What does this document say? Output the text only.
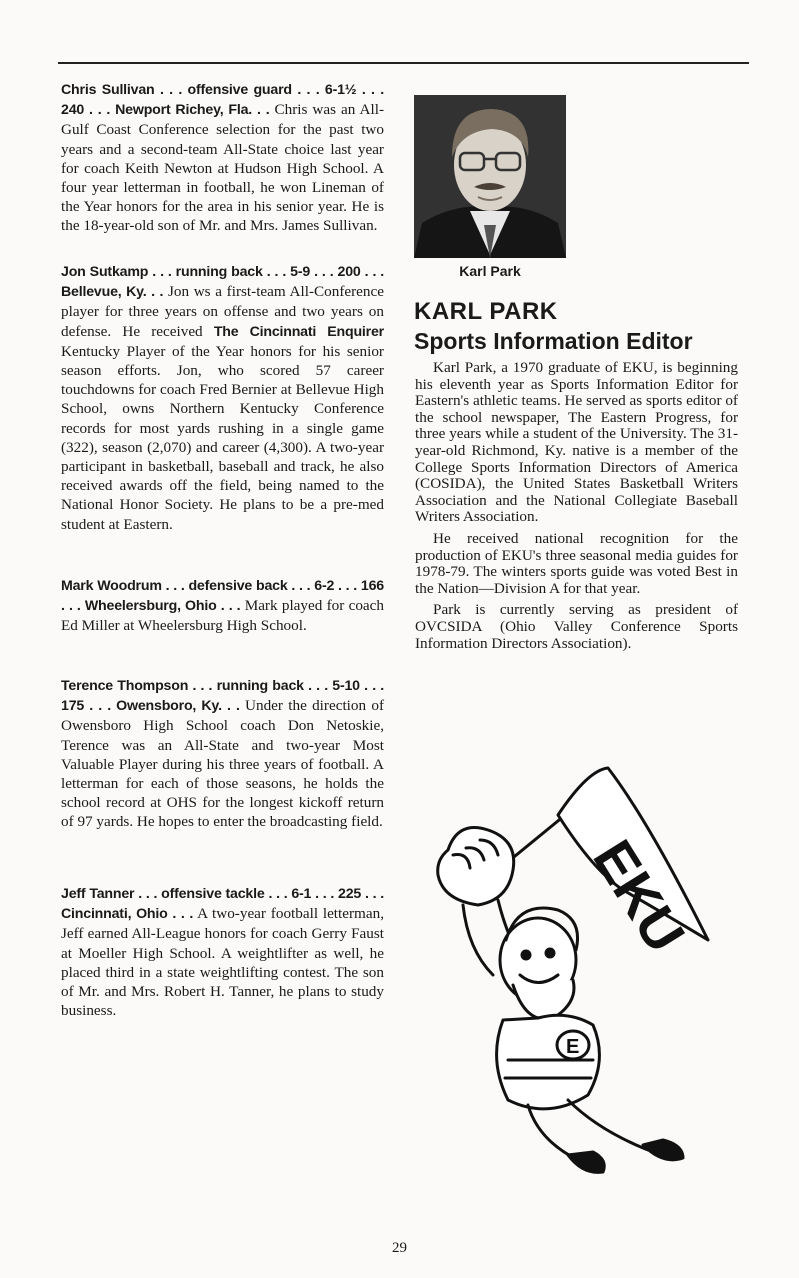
Chris Sullivan . . . offensive guard . . . 6-1½ . . . 240 . . . Newport Richey, Fla. . . Chris was an All-Gulf Coast Conference selection for the past two years and a second-team All-State choice last year for coach Keith Newton at Hudson High School. A four year letterman in football, he won Lineman of the Year honors for the area in his senior year. He is the 18-year-old son of Mr. and Mrs. James Sullivan.

Jon Sutkamp . . . running back . . . 5-9 . . . 200 . . . Bellevue, Ky. . . Jon ws a first-team All-Conference player for three years on offense and two years on defense. He received The Cincinnati Enquirer Kentucky Player of the Year honors for his senior season efforts. Jon, who scored 57 career touchdowns for coach Fred Bernier at Bellevue High School, owns Northern Kentucky Conference records for most yards rushing in a single game (322), season (2,070) and career (4,300). A two-year participant in basketball, baseball and track, he also received awards off the field, being named to the National Honor Society. He plans to be a pre-med student at Eastern.

Mark Woodrum . . . defensive back . . . 6-2 . . . 166 . . . Wheelersburg, Ohio . . . Mark played for coach Ed Miller at Wheelersburg High School.

Terence Thompson . . . running back . . . 5-10 . . . 175 . . . Owensboro, Ky. . . Under the direction of Owensboro High School coach Don Netoskie, Terence was an All-State and two-year Most Valuable Player during his three years of football. A letterman for each of those seasons, he holds the school record at OHS for the longest kickoff return of 97 yards. He hopes to enter the broadcasting field.

Jeff Tanner . . . offensive tackle . . . 6-1 . . . 225 . . . Cincinnati, Ohio . . . A two-year football letterman, Jeff earned All-League honors for coach Gerry Faust at Moeller High School. A weightlifter as well, he placed third in a state weightlifting contest. The son of Mr. and Mrs. Robert H. Tanner, he plans to study business.

Karl Park
KARL PARK
Sports Information Editor

Karl Park, a 1970 graduate of EKU, is beginning his eleventh year as Sports Information Editor for Eastern's athletic teams. He served as sports editor of the school newspaper, The Eastern Progress, for three years while a student of the University. The 31-year-old Richmond, Ky. native is a member of the College Sports Information Directors of America (COSIDA), the United States Basketball Writers Association and the National Collegiate Baseball Writers Association.

He received national recognition for the production of EKU's three seasonal media guides for 1978-79. The winters sports guide was voted Best in the Nation—Division A for that year.

Park is currently serving as president of OVCSIDA (Ohio Valley Conference Sports Information Directors Association).

EKU
E
29
